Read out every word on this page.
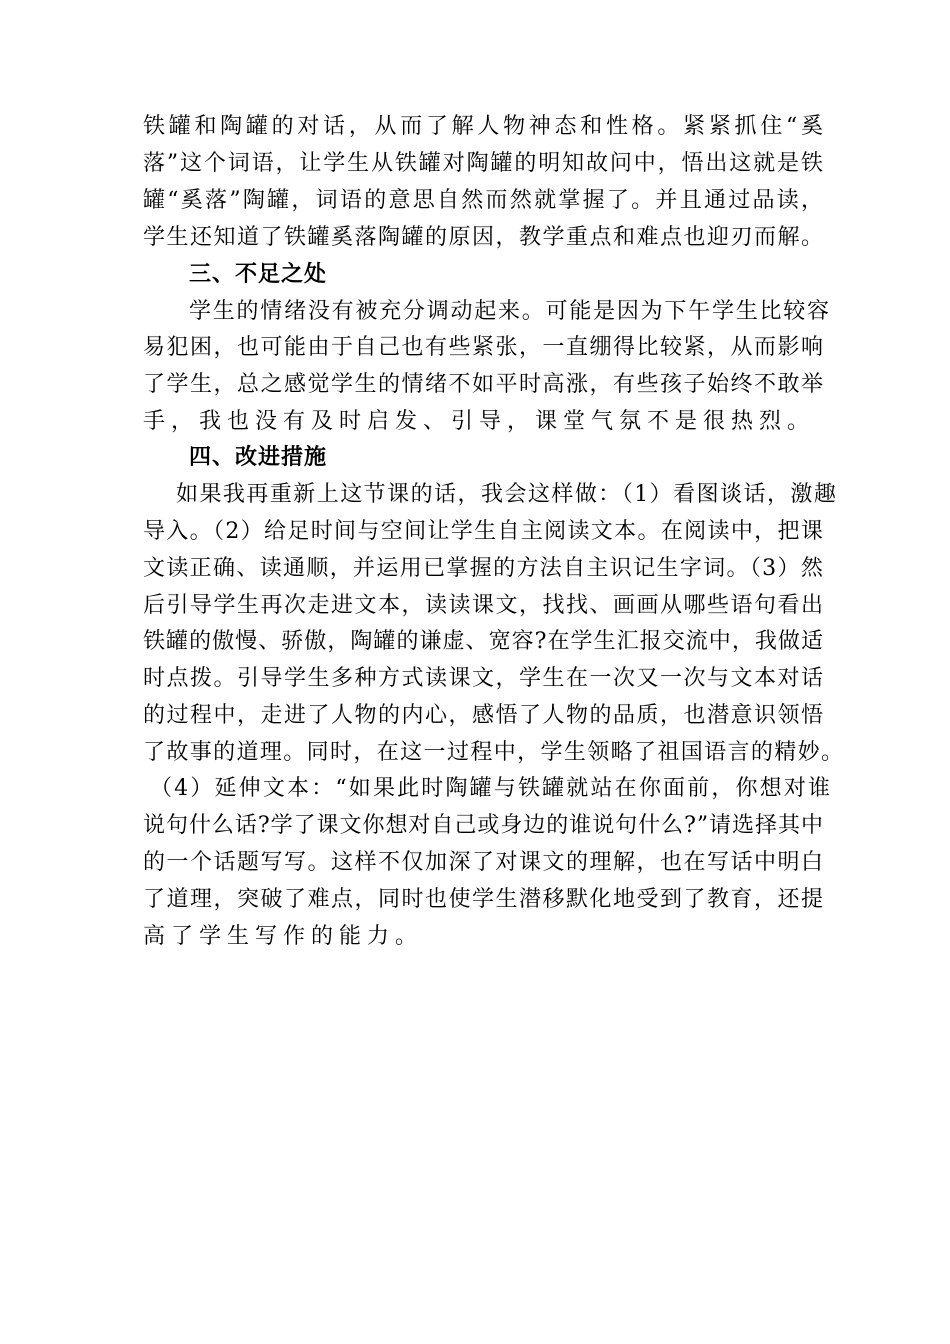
铁罐和陶罐的对话，从而了解人物神态和性格。紧紧抓住“奚

落”这个词语，让学生从铁罐对陶罐的明知故问中，悟出这就是铁

罐“奚落”陶罐，词语的意思自然而然就掌握了。并且通过品读，

学生还知道了铁罐奚落陶罐的原因，教学重点和难点也迎刃而解。

三、不足之处

学生的情绪没有被充分调动起来。可能是因为下午学生比较容

易犯困，也可能由于自己也有些紧张，一直绷得比较紧，从而影响

了学生，总之感觉学生的情绪不如平时高涨，有些孩子始终不敢举

手，我也没有及时启发、引导，课堂气氛不是很热烈。

四、改进措施

如果我再重新上这节课的话，我会这样做：（1）看图谈话，激趣

导入。（2）给足时间与空间让学生自主阅读文本。在阅读中，把课

文读正确、读通顺，并运用已掌握的方法自主识记生字词。（3）然

后引导学生再次走进文本，读读课文，找找、画画从哪些语句看出

铁罐的傲慢、骄傲，陶罐的谦虚、宽容?在学生汇报交流中，我做适

时点拨。引导学生多种方式读课文，学生在一次又一次与文本对话

的过程中，走进了人物的内心，感悟了人物的品质，也潜意识领悟

了故事的道理。同时，在这一过程中，学生领略了祖国语言的精妙。

（4）延伸文本：“如果此时陶罐与铁罐就站在你面前，你想对谁

说句什么话?学了课文你想对自己或身边的谁说句什么?”请选择其中

的一个话题写写。这样不仅加深了对课文的理解，也在写话中明白

了道理，突破了难点，同时也使学生潜移默化地受到了教育，还提

高了学生写作的能力。
